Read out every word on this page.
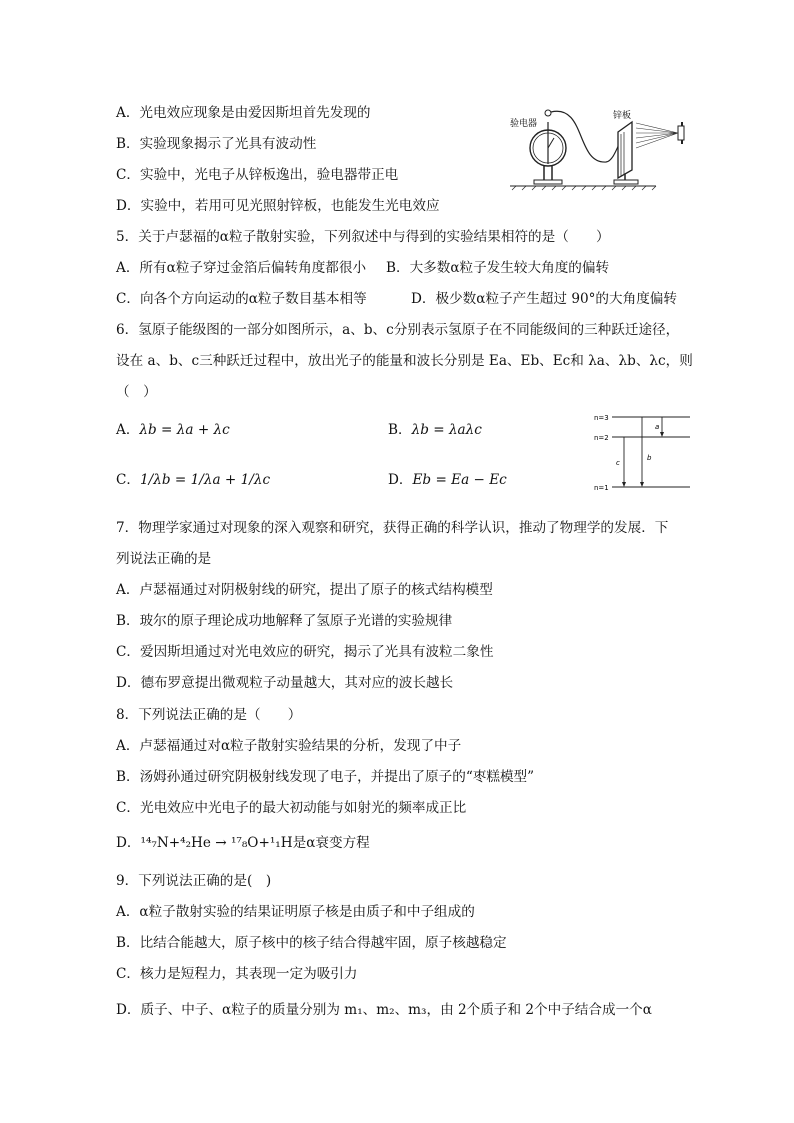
A．光电效应现象是由爱因斯坦首先发现的
B．实验现象揭示了光具有波动性
C．实验中，光电子从锌板逸出，验电器带正电
D．实验中，若用可见光照射锌板，也能发生光电效应
验电器
锌板
5．关于卢瑟福的α粒子散射实验，下列叙述中与得到的实验结果相符的是（　　）
A．所有α粒子穿过金箔后偏转角度都很小 B．大多数α粒子发生较大角度的偏转
C．向各个方向运动的α粒子数目基本相等	D．极少数α粒子产生超过 90°的大角度偏转
6．氢原子能级图的一部分如图所示，a、b、c分别表示氢原子在不同能级间的三种跃迁途径，
设在 a、b、c三种跃迁过程中，放出光子的能量和波长分别是 Ea、Eb、Ec和 λa、λb、λc，则
（　）
A．λb = λa + λc	B．λb = λaλc
C．1/λb = 1/λa + 1/λc	D．Eb = Ea − Ec
n=3
n=2
n=1
a
b
c
7．物理学家通过对现象的深入观察和研究，获得正确的科学认识，推动了物理学的发展．下
列说法正确的是
A．卢瑟福通过对阴极射线的研究，提出了原子的核式结构模型
B．玻尔的原子理论成功地解释了氢原子光谱的实验规律
C．爱因斯坦通过对光电效应的研究，揭示了光具有波粒二象性
D．德布罗意提出微观粒子动量越大，其对应的波长越长
8．下列说法正确的是（　　）
A．卢瑟福通过对α粒子散射实验结果的分析，发现了中子
B．汤姆孙通过研究阴极射线发现了电子，并提出了原子的“枣糕模型”
C．光电效应中光电子的最大初动能与如射光的频率成正比
D．¹⁴₇N+⁴₂He → ¹⁷₈O+¹₁H是α衰变方程
9．下列说法正确的是(　)
A．α粒子散射实验的结果证明原子核是由质子和中子组成的
B．比结合能越大，原子核中的核子结合得越牢固，原子核越稳定
C．核力是短程力，其表现一定为吸引力
D．质子、中子、α粒子的质量分别为 m₁、m₂、m₃，由 2个质子和 2个中子结合成一个α
